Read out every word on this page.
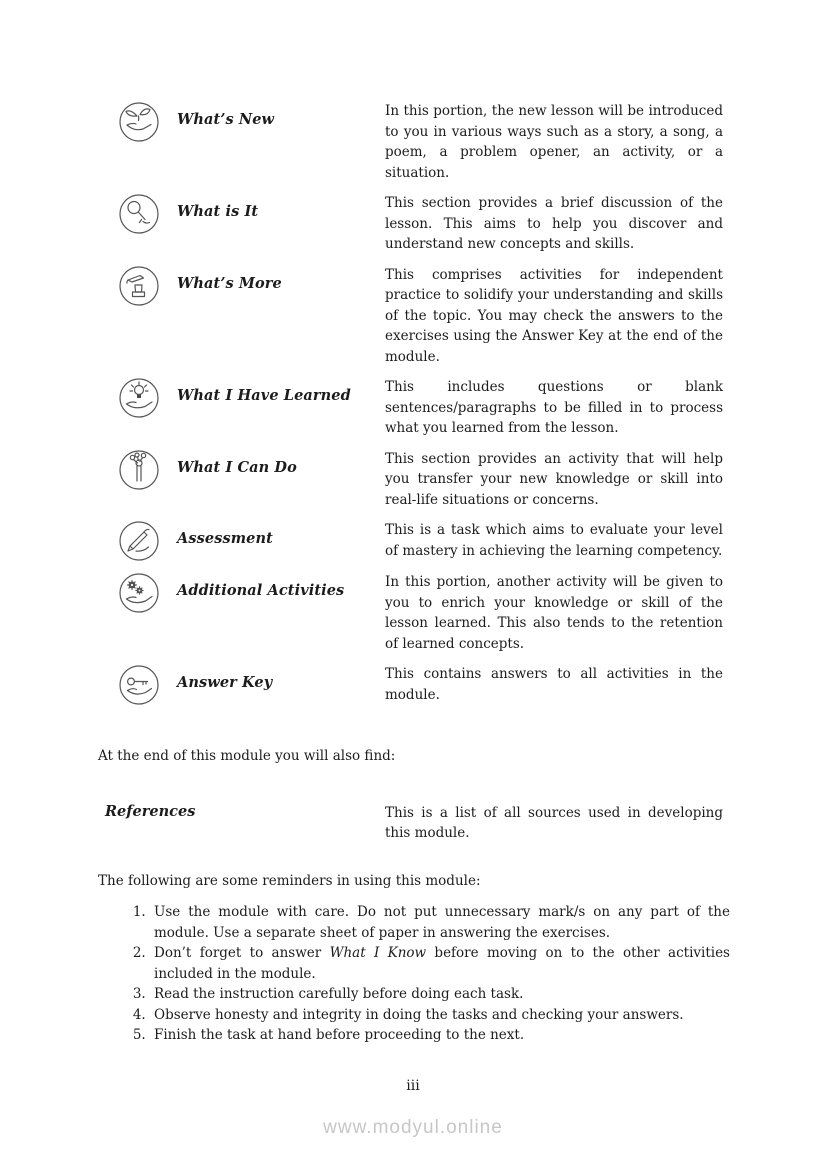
What’s New	In this portion, the new lesson will be introduced to you in various ways such as a story, a song, a poem, a problem opener, an activity, or a situation.

What is It	This section provides a brief discussion of the lesson. This aims to help you discover and understand new concepts and skills.

What’s More	This comprises activities for independent practice to solidify your understanding and skills of the topic. You may check the answers to the exercises using the Answer Key at the end of the module.

What I Have Learned	This includes questions or blank sentences/paragraphs to be filled in to process what you learned from the lesson.

What I Can Do	This section provides an activity that will help you transfer your new knowledge or skill into real-life situations or concerns.

Assessment	This is a task which aims to evaluate your level of mastery in achieving the learning competency.

Additional Activities	In this portion, another activity will be given to you to enrich your knowledge or skill of the lesson learned. This also tends to the retention of learned concepts.

Answer Key	This contains answers to all activities in the module.

At the end of this module you will also find:

References	This is a list of all sources used in developing this module.

The following are some reminders in using this module:

1. Use the module with care. Do not put unnecessary mark/s on any part of the module. Use a separate sheet of paper in answering the exercises.
2. Don’t forget to answer What I Know before moving on to the other activities included in the module.
3. Read the instruction carefully before doing each task.
4. Observe honesty and integrity in doing the tasks and checking your answers.
5. Finish the task at hand before proceeding to the next.
iii
www.modyul.online
